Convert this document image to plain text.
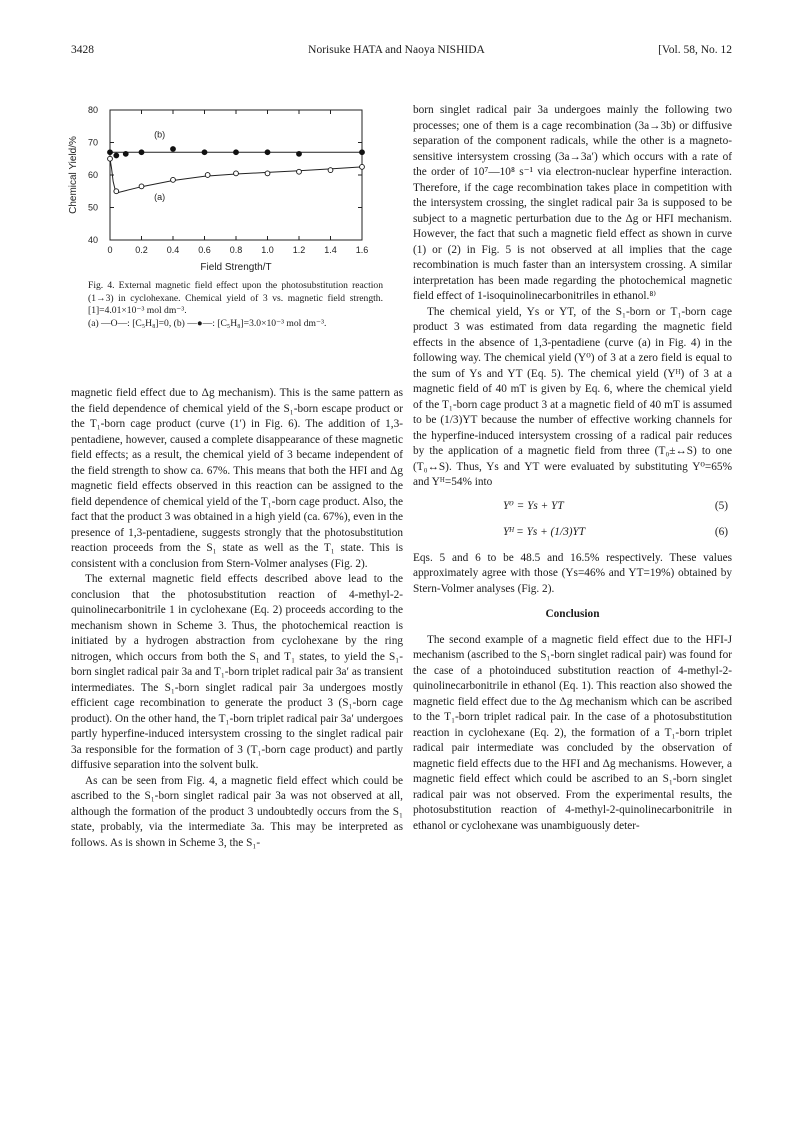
3428	Norisuke HATA and Naoya NISHIDA	[Vol. 58, No. 12
0	0.2 0.4 0.6 0.8 1.0 1.2 1.4 1.6
40
50
60
70
80
Field Strength/T
Chemical Yield/%
(b)
(a)

Fig. 4. External magnetic field effect upon the photosubstitution reaction (1→3) in cyclohexane. Chemical yield of 3 vs. magnetic field strength. [1]=4.01×10⁻³ mol dm⁻³.

(a) —O—: [C₅H₈]=0, (b) —●—: [C₅H₈]=3.0×10⁻³ mol dm⁻³.

magnetic field effect due to Δg mechanism). This is the same pattern as the field dependence of chemical yield of the S₁-born escape product or the T₁-born cage product (curve (1′) in Fig. 6). The addition of 1,3-pentadiene, however, caused a complete disappearance of these magnetic field effects; as a result, the chemical yield of 3 became independent of the field strength to show ca. 67%. This means that both the HFI and Δg magnetic field effects observed in this reaction can be assigned to the field dependence of chemical yield of the T₁-born cage product. Also, the fact that the product 3 was obtained in a high yield (ca. 67%), even in the presence of 1,3-pentadiene, suggests strongly that the photosubstitution reaction proceeds from the S₁ state as well as the T₁ state. This is consistent with a conclusion from Stern-Volmer analyses (Fig. 2).

The external magnetic field effects described above lead to the conclusion that the photosubstitution reaction of 4-methyl-2-quinolinecarbonitrile 1 in cyclohexane (Eq. 2) proceeds according to the mechanism shown in Scheme 3. Thus, the photochemical reaction is initiated by a hydrogen abstraction from cyclohexane by the ring nitrogen, which occurs from both the S₁ and T₁ states, to yield the S₁-born singlet radical pair 3a and T₁-born triplet radical pair 3a′ as transient intermediates. The S₁-born singlet radical pair 3a undergoes mostly efficient cage recombination to generate the product 3 (S₁-born cage product). On the other hand, the T₁-born triplet radical pair 3a′ undergoes partly hyperfine-induced intersystem crossing to the singlet radical pair 3a responsible for the formation of 3 (T₁-born cage product) and partly diffusive separation into the solvent bulk.

As can be seen from Fig. 4, a magnetic field effect which could be ascribed to the S₁-born singlet radical pair 3a was not observed at all, although the formation of the product 3 undoubtedly occurs from the S₁ state, probably, via the intermediate 3a. This may be interpreted as follows. As is shown in Scheme 3, the S₁-

born singlet radical pair 3a undergoes mainly the following two processes; one of them is a cage recombination (3a→3b) or diffusive separation of the component radicals, while the other is a magneto-sensitive intersystem crossing (3a→3a′) which occurs with a rate of the order of 10⁷—10⁸ s⁻¹ via electron-nuclear hyperfine interaction. Therefore, if the cage recombination takes place in competition with the intersystem crossing, the singlet radical pair 3a is supposed to be subject to a magnetic perturbation due to the Δg or HFI mechanism. However, the fact that such a magnetic field effect as shown in curve (1) or (2) in Fig. 5 is not observed at all implies that the cage recombination is much faster than an intersystem crossing. A similar interpretation has been made regarding the photochemical magnetic field effect of 1-isoquinolinecarbonitriles in ethanol.⁸⁾

The chemical yield, Ys or YT, of the S₁-born or T₁-born cage product 3 was estimated from data regarding the magnetic field effects in the absence of 1,3-pentadiene (curve (a) in Fig. 4) in the following way. The chemical yield (Y⁰) of 3 at a zero field is equal to the sum of Ys and YT (Eq. 5). The chemical yield (Yᴴ) of 3 at a magnetic field of 40 mT is given by Eq. 6, where the chemical yield of the T₁-born cage product 3 at a magnetic field of 40 mT is assumed to be (1/3)YT because the number of effective working channels for the hyperfine-induced intersystem crossing of a radical pair reduces by the application of a magnetic field from three (T₀±↔S) to one (T₀↔S). Thus, Ys and YT were evaluated by substituting Y⁰=65% and Yᴴ=54% into

Y⁰ = Ys + YT	(5)
Yᴴ = Ys + (1/3)YT	(6)

Eqs. 5 and 6 to be 48.5 and 16.5% respectively. These values approximately agree with those (Ys=46% and YT=19%) obtained by Stern-Volmer analyses (Fig. 2).

Conclusion

The second example of a magnetic field effect due to the HFI-J mechanism (ascribed to the S₁-born singlet radical pair) was found for the case of a photoinduced substitution reaction of 4-methyl-2-quinolinecarbonitrile in ethanol (Eq. 1). This reaction also showed the magnetic field effect due to the Δg mechanism which can be ascribed to the T₁-born triplet radical pair. In the case of a photosubstitution reaction in cyclohexane (Eq. 2), the formation of a T₁-born triplet radical pair intermediate was concluded by the observation of magnetic field effects due to the HFI and Δg mechanisms. However, a magnetic field effect which could be ascribed to an S₁-born singlet radical pair was not observed. From the experimental results, the photosubstitution reaction of 4-methyl-2-quinolinecarbonitrile in ethanol or cyclohexane was unambiguously deter-
